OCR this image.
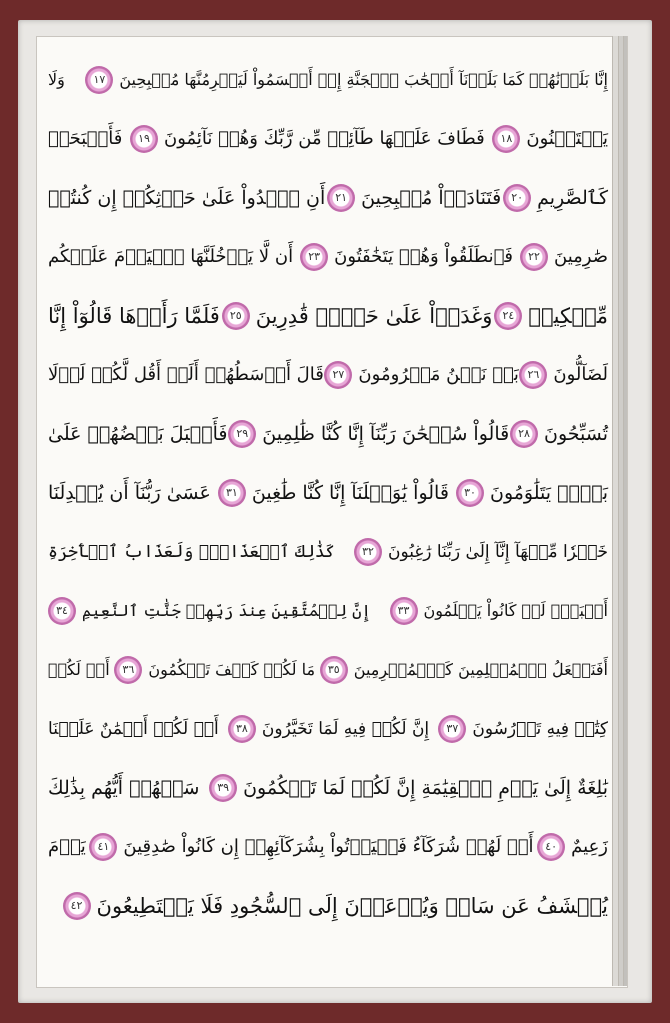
إِنَّا بَلَوۡنَٰهُمۡ كَمَا بَلَوۡنَآ أَصۡحَٰبَ ٱلۡجَنَّةِ إِذۡ أَقۡسَمُواْ لَيَصۡرِمُنَّهَا مُصۡبِحِينَ
١٧
وَلَا
يَسۡتَثۡنُونَ
١٨
فَطَافَ عَلَيۡهَا طَآئِفٞ مِّن رَّبِّكَ وَهُمۡ نَآئِمُونَ
١٩
فَأَصۡبَحَتۡ
كَٱلصَّرِيمِ
٢٠
فَتَنَادَوۡاْ مُصۡبِحِينَ
٢١
أَنِ ٱغۡدُواْ عَلَىٰ حَرۡثِكُمۡ إِن كُنتُمۡ
صَٰرِمِينَ
٢٢
فَٱنطَلَقُواْ وَهُمۡ يَتَخَٰفَتُونَ
٢٣
أَن لَّا يَدۡخُلَنَّهَا ٱلۡيَوۡمَ عَلَيۡكُم
مِّسۡكِينٞ
٢٤
وَغَدَوۡاْ عَلَىٰ حَرۡدٖ قَٰدِرِينَ
٢٥
فَلَمَّا رَأَوۡهَا قَالُوٓاْ إِنَّا
لَضَآلُّونَ
٢٦
بَلۡ نَحۡنُ مَحۡرُومُونَ
٢٧
قَالَ أَوۡسَطُهُمۡ أَلَمۡ أَقُل لَّكُمۡ لَوۡلَا
تُسَبِّحُونَ
٢٨
قَالُواْ سُبۡحَٰنَ رَبِّنَآ إِنَّا كُنَّا ظَٰلِمِينَ
٢٩
فَأَقۡبَلَ بَعۡضُهُمۡ عَلَىٰ
بَعۡضٖ يَتَلَٰوَمُونَ
٣٠
قَالُواْ يَٰوَيۡلَنَآ إِنَّا كُنَّا طَٰغِينَ
٣١
عَسَىٰ رَبُّنَآ أَن يُبۡدِلَنَا
خَيۡرٗا مِّنۡهَآ إِنَّآ إِلَىٰ رَبِّنَا رَٰغِبُونَ
٣٢
كَذَٰلِكَ ٱلۡعَذَابُۖ وَلَعَذَابُ ٱلۡأٓخِرَةِ
أَكۡبَرُۚ لَوۡ كَانُواْ يَعۡلَمُونَ
٣٣
إِنَّ لِلۡمُتَّقِينَ عِندَ رَبِّهِمۡ جَنَّٰتِ ٱلنَّعِيمِ
٣٤
أَفَنَجۡعَلُ ٱلۡمُسۡلِمِينَ كَٱلۡمُجۡرِمِينَ
٣٥
مَا لَكُمۡ كَيۡفَ تَحۡكُمُونَ
٣٦
أَمۡ لَكُمۡ
كِتَٰبٞ فِيهِ تَدۡرُسُونَ
٣٧
إِنَّ لَكُمۡ فِيهِ لَمَا تَخَيَّرُونَ
٣٨
أَمۡ لَكُمۡ أَيۡمَٰنٌ عَلَيۡنَا
بَٰلِغَةٌ إِلَىٰ يَوۡمِ ٱلۡقِيَٰمَةِ إِنَّ لَكُمۡ لَمَا تَحۡكُمُونَ
٣٩
سَلۡهُمۡ أَيُّهُم بِذَٰلِكَ
زَعِيمٌ
٤٠
أَمۡ لَهُمۡ شُرَكَآءُ فَلۡيَأۡتُواْ بِشُرَكَآئِهِمۡ إِن كَانُواْ صَٰدِقِينَ
٤١
يَوۡمَ
يُكۡشَفُ عَن سَاقٖ وَيُدۡعَوۡنَ إِلَى ٱلسُّجُودِ فَلَا يَسۡتَطِيعُونَ
٤٢
